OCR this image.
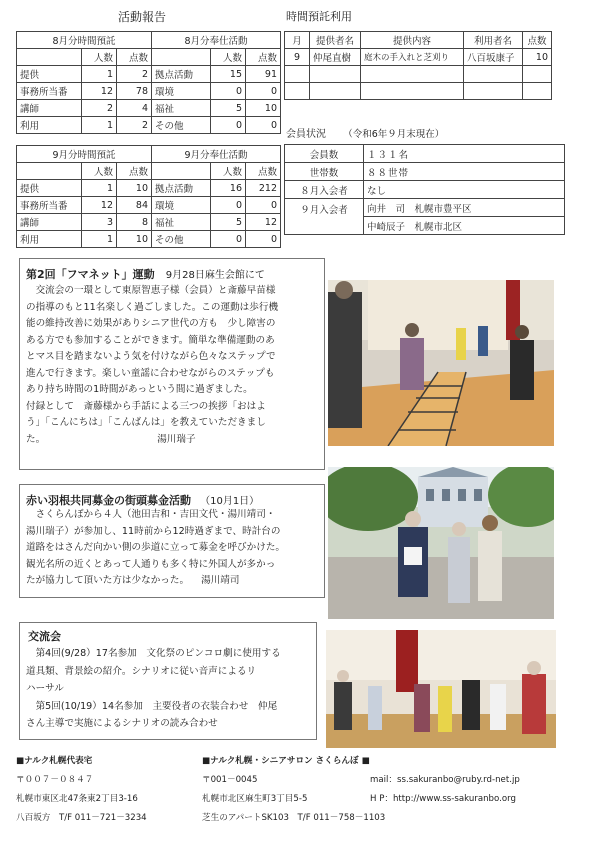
活動報告	時間預託利用
8月分時間預託			8月分奉仕活動		
	人数	点数		人数	点数
提供	1	2	拠点活動	15	91
事務所当番	12	78	環境	0	0
講師	2	4	福祉	5	10
利用	1	2	その他	0	0
9月分時間預託			9月分奉仕活動		
	人数	点数		人数	点数
提供	1	10	拠点活動	16	212
事務所当番	12	84	環境	0	0
講師	3	8	福祉	5	12
利用	1	10	その他	0	0
月	提供者名	提供内容	利用者名	点数
9	仲尾直樹	庭木の手入れと芝刈り	八百坂康子	10

会員状況 （令和6年９月末現在）
会員数	１３１名
世帯数	８８世帯
８月入会者	なし
９月入会者	向井　司　札幌市豊平区
	中崎辰子　札幌市北区
第2回「フマネット」運動 9月28日麻生会館にて
　交流会の一環として東原智恵子様（会員）と斎藤早苗様
の指導のもと11名楽しく過ごしました。この運動は歩行機
能の維持改善に効果がありシニア世代の方も　少し障害の
ある方でも参加することができます。簡単な準備運動のあ
とマス目を踏まないよう気を付けながら色々なステップで
進んで行きます。楽しい童謡に合わせながらのステップも
あり持ち時間の1時間があっという間に過ぎました。
付録として　斎藤様から手話による三つの挨拶「おはよ
う」「こんにちは」「こんばんは」を教えていただきまし
た。	湯川瑞子
赤い羽根共同募金の街頭募金活動 （10月1日）
　さくらんぼから４人（池田吉和・吉田文代・湯川靖司・
湯川瑞子）が参加し、11時前から12時過ぎまで、時計台の
道路をはさんだ向かい側の歩道に立って募金を呼びかけた。
観光名所の近くとあって人通りも多く特に外国人が多かっ
たが協力して頂いた方は少なかった。 湯川靖司
交流会
　第4回(9/28）17名参加　文化祭のピンコロ劇に使用する
道具類、背景絵の紹介。シナリオに従い音声によるリ
ハーサル
　第5回(10/19）14名参加　主要役者の衣装合わせ　仲尾
さん主導で実施によるシナリオの読み合わせ
■ナルク札幌代表宅
〒００７－０８４７
札幌市東区北47条東2丁目3-16
八百坂方　T/F 011－721－3234
■ナルク札幌・シニアサロン さくらんぼ ■
〒001－0045
札幌市北区麻生町3丁目5-5
芝生のアパートSK103　T/F 011－758－1103
mail：ss.sakuranbo@ruby.rd-net.jp
H P：http://www.ss-sakuranbo.org
